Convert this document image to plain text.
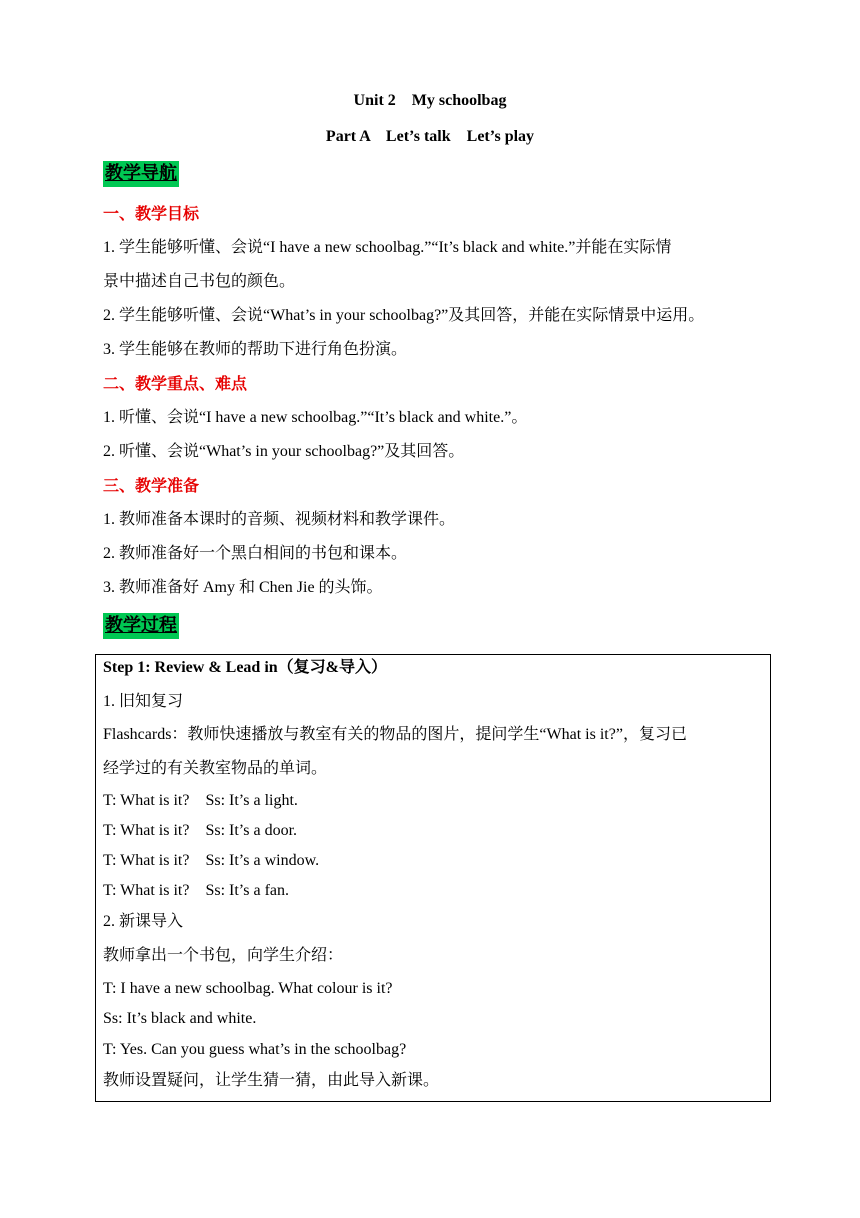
Unit 2　My schoolbag
Part A　Let’s talk　Let’s play
教学导航
一、教学目标
1. 学生能够听懂、会说“I have a new schoolbag.”“It’s black and white.”并能在实际情
景中描述自己书包的颜色。
2. 学生能够听懂、会说“What’s in your schoolbag?”及其回答，并能在实际情景中运用。
3. 学生能够在教师的帮助下进行角色扮演。
二、教学重点、难点
1. 听懂、会说“I have a new schoolbag.”“It’s black and white.”。
2. 听懂、会说“What’s in your schoolbag?”及其回答。
三、教学准备
1. 教师准备本课时的音频、视频材料和教学课件。
2. 教师准备好一个黑白相间的书包和课本。
3. 教师准备好 Amy 和 Chen Jie 的头饰。
教学过程
Step 1: Review & Lead in（复习&导入）
1. 旧知复习
Flashcards：教师快速播放与教室有关的物品的图片，提问学生“What is it?”，复习已
经学过的有关教室物品的单词。
T: What is it?　Ss: It’s a light.
T: What is it?　Ss: It’s a door.
T: What is it?　Ss: It’s a window.
T: What is it?　Ss: It’s a fan.
2. 新课导入
教师拿出一个书包，向学生介绍：
T: I have a new schoolbag. What colour is it?
Ss: It’s black and white.
T: Yes. Can you guess what’s in the schoolbag?
教师设置疑问，让学生猜一猜，由此导入新课。
